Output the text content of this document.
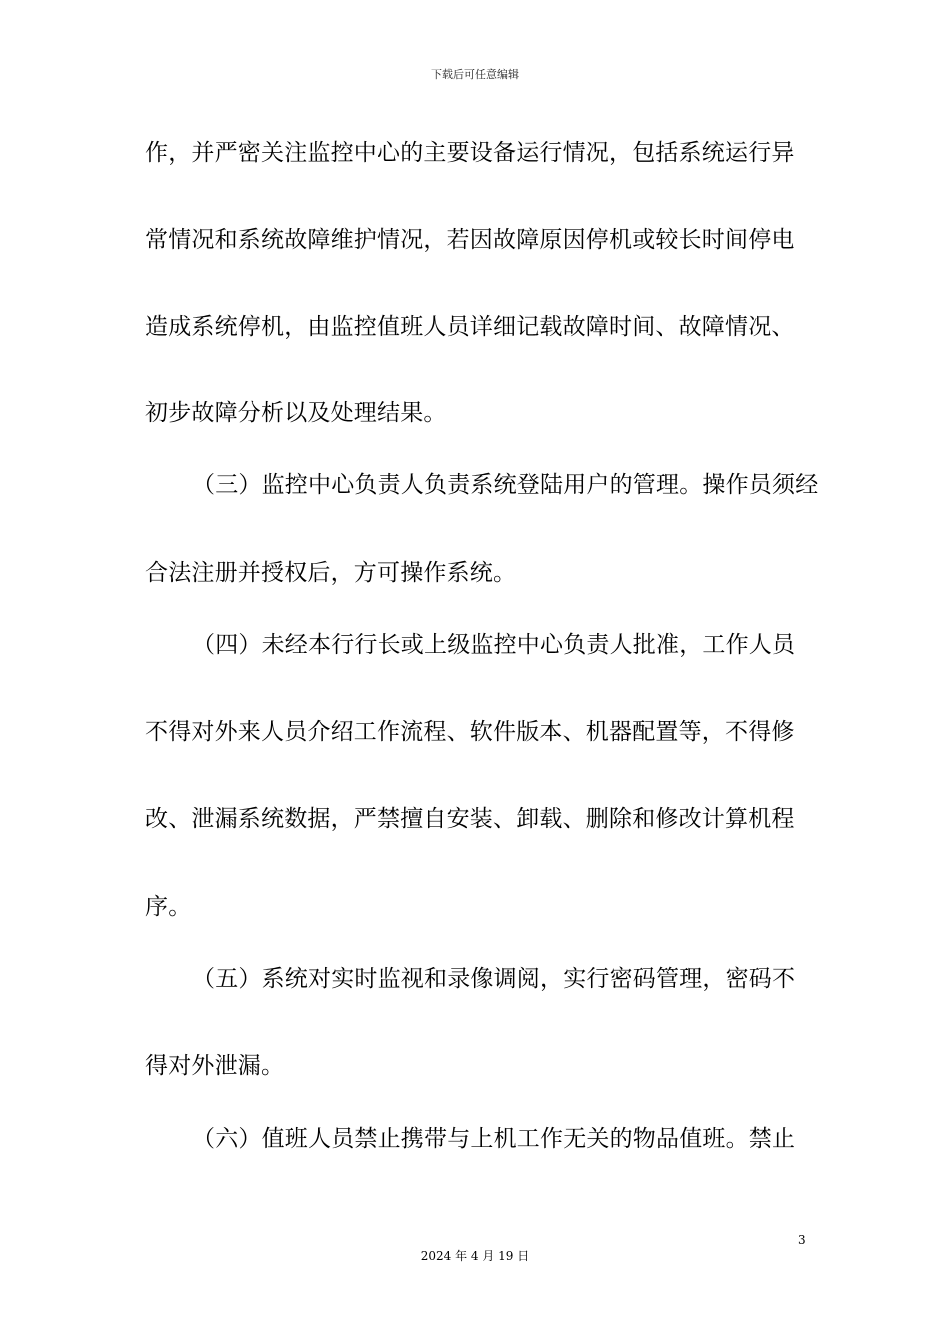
下载后可任意编辑
作，并严密关注监控中心的主要设备运行情况，包括系统运行异
常情况和系统故障维护情况，若因故障原因停机或较长时间停电
造成系统停机，由监控值班人员详细记载故障时间、故障情况、
初步故障分析以及处理结果。
（三）监控中心负责人负责系统登陆用户的管理。操作员须经
合法注册并授权后，方可操作系统。
（四）未经本行行长或上级监控中心负责人批准，工作人员
不得对外来人员介绍工作流程、软件版本、机器配置等，不得修
改、泄漏系统数据，严禁擅自安装、卸载、删除和修改计算机程
序。
（五）系统对实时监视和录像调阅，实行密码管理，密码不
得对外泄漏。
（六）值班人员禁止携带与上机工作无关的物品值班。禁止
3
2024 年 4 月 19 日
